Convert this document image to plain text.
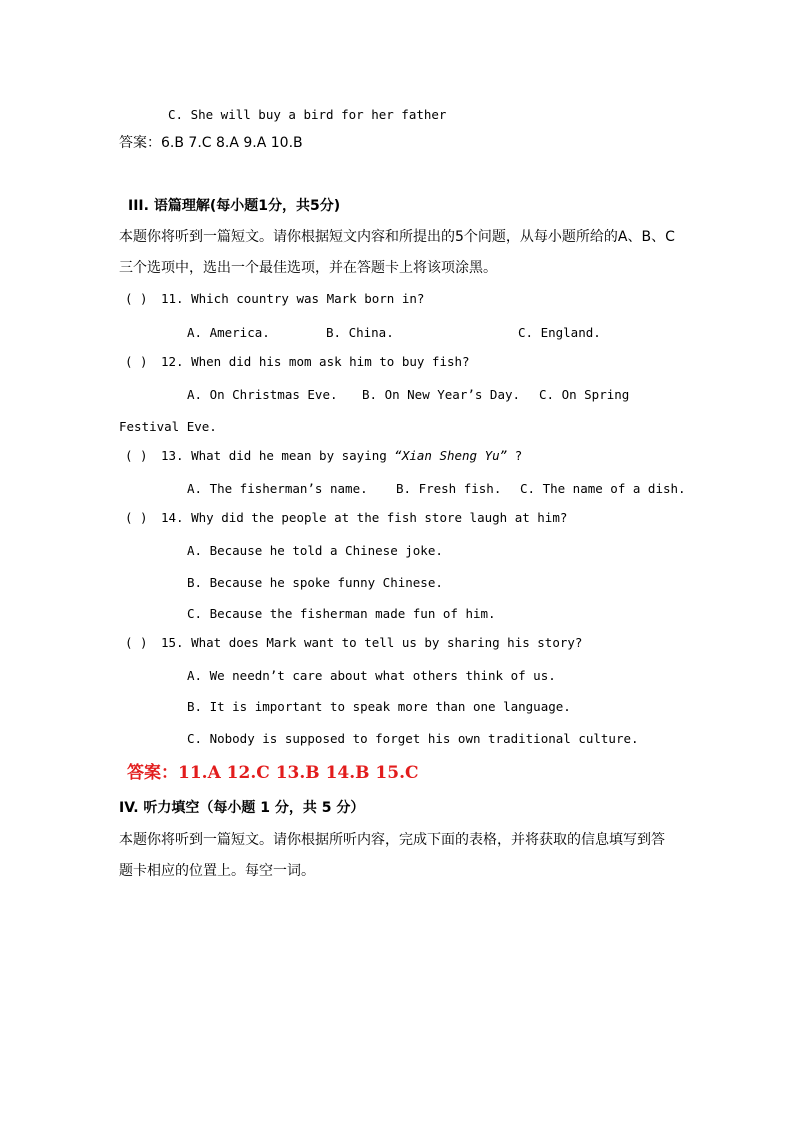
C. She will buy a bird for her father
答案：6.B 7.C 8.A 9.A 10.B
III. 语篇理解(每小题1分，共5分)
本题你将听到一篇短文。请你根据短文内容和所提出的5个问题，从每小题所给的A、B、C
三个选项中，选出一个最佳选项，并在答题卡上将该项涂黑。
( ) 11. Which country was Mark born in?
A. America.	B. China.	C. England.
( ) 12. When did his mom ask him to buy fish?
A. On Christmas Eve. B. On New Year’s Day. C. On Spring
Festival Eve.
( ) 13. What did he mean by saying “Xian Sheng Yu” ?
A. The fisherman’s name. B. Fresh fish. C. The name of a dish.
( ) 14. Why did the people at the fish store laugh at him?
A. Because he told a Chinese joke.
B. Because he spoke funny Chinese.
C. Because the fisherman made fun of him.
( ) 15. What does Mark want to tell us by sharing his story?
A. We needn’t care about what others think of us.
B. It is important to speak more than one language.
C. Nobody is supposed to forget his own traditional culture.
答案：11.A 12.C 13.B 14.B 15.C
IV. 听力填空（每小题 1 分，共 5 分）
本题你将听到一篇短文。请你根据所听内容，完成下面的表格，并将获取的信息填写到答
题卡相应的位置上。每空一词。
